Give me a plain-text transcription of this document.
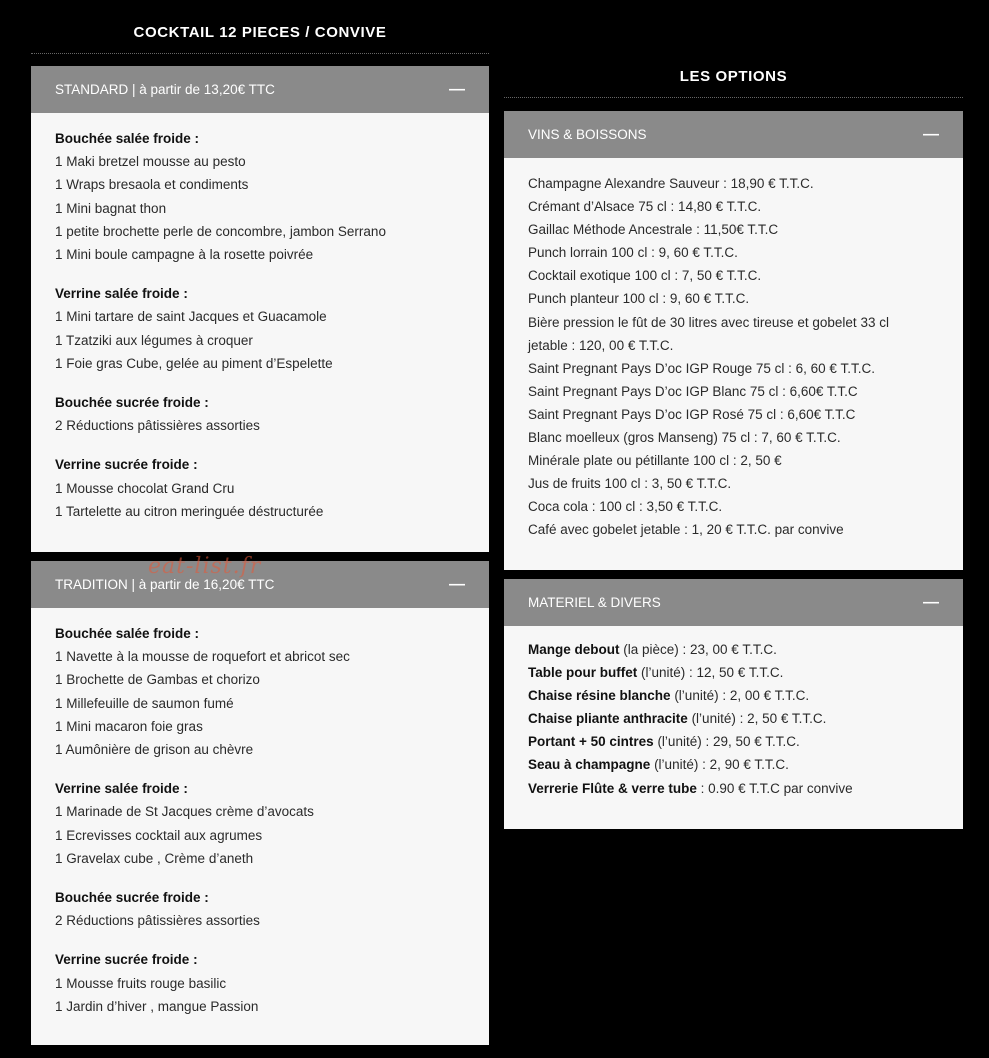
COCKTAIL 12 PIECES / CONVIVE
STANDARD | à partir de 13,20€ TTC	—
Bouchée salée froide :
1 Maki bretzel mousse au pesto
1 Wraps bresaola et condiments
1 Mini bagnat thon
1 petite brochette perle de concombre, jambon Serrano
1 Mini boule campagne à la rosette poivrée
Verrine salée froide :
1 Mini tartare de saint Jacques et Guacamole
1 Tzatziki aux légumes à croquer
1 Foie gras Cube, gelée au piment d’Espelette
Bouchée sucrée froide :
2 Réductions pâtissières assorties
Verrine sucrée froide :
1 Mousse chocolat Grand Cru
1 Tartelette au citron meringuée déstructurée
TRADITION | à partir de 16,20€ TTC	—
Bouchée salée froide :
1 Navette à la mousse de roquefort et abricot sec
1 Brochette de Gambas et chorizo
1 Millefeuille de saumon fumé
1 Mini macaron foie gras
1 Aumônière de grison au chèvre
Verrine salée froide :
1 Marinade de St Jacques crème d’avocats
1 Ecrevisses cocktail aux agrumes
1 Gravelax cube , Crème d’aneth
Bouchée sucrée froide :
2 Réductions pâtissières assorties
Verrine sucrée froide :
1 Mousse fruits rouge basilic
1 Jardin d’hiver , mangue Passion
eat-list.fr
LES OPTIONS
VINS & BOISSONS	—
Champagne Alexandre Sauveur : 18,90 € T.T.C.
Crémant d’Alsace 75 cl : 14,80 € T.T.C.
Gaillac Méthode Ancestrale : 11,50€ T.T.C
Punch lorrain 100 cl : 9, 60 € T.T.C.
Cocktail exotique 100 cl : 7, 50 € T.T.C.
Punch planteur 100 cl : 9, 60 € T.T.C.
Bière pression le fût de 30 litres avec tireuse et gobelet 33 cl
jetable : 120, 00 € T.T.C.
Saint Pregnant Pays D’oc IGP Rouge 75 cl : 6, 60 € T.T.C.
Saint Pregnant Pays D’oc IGP Blanc 75 cl : 6,60€ T.T.C
Saint Pregnant Pays D’oc IGP Rosé 75 cl : 6,60€ T.T.C
Blanc moelleux (gros Manseng) 75 cl : 7, 60 € T.T.C.
Minérale plate ou pétillante 100 cl : 2, 50 €
Jus de fruits 100 cl : 3, 50 € T.T.C.
Coca cola : 100 cl : 3,50 € T.T.C.
Café avec gobelet jetable : 1, 20 € T.T.C. par convive
MATERIEL & DIVERS	—
Mange debout (la pièce) : 23, 00 € T.T.C.
Table pour buffet (l’unité) : 12, 50 € T.T.C.
Chaise résine blanche (l’unité) : 2, 00 € T.T.C.
Chaise pliante anthracite (l’unité) : 2, 50 € T.T.C.
Portant + 50 cintres (l’unité) : 29, 50 € T.T.C.
Seau à champagne (l’unité) : 2, 90 € T.T.C.
Verrerie Flûte & verre tube : 0.90 € T.T.C par convive
